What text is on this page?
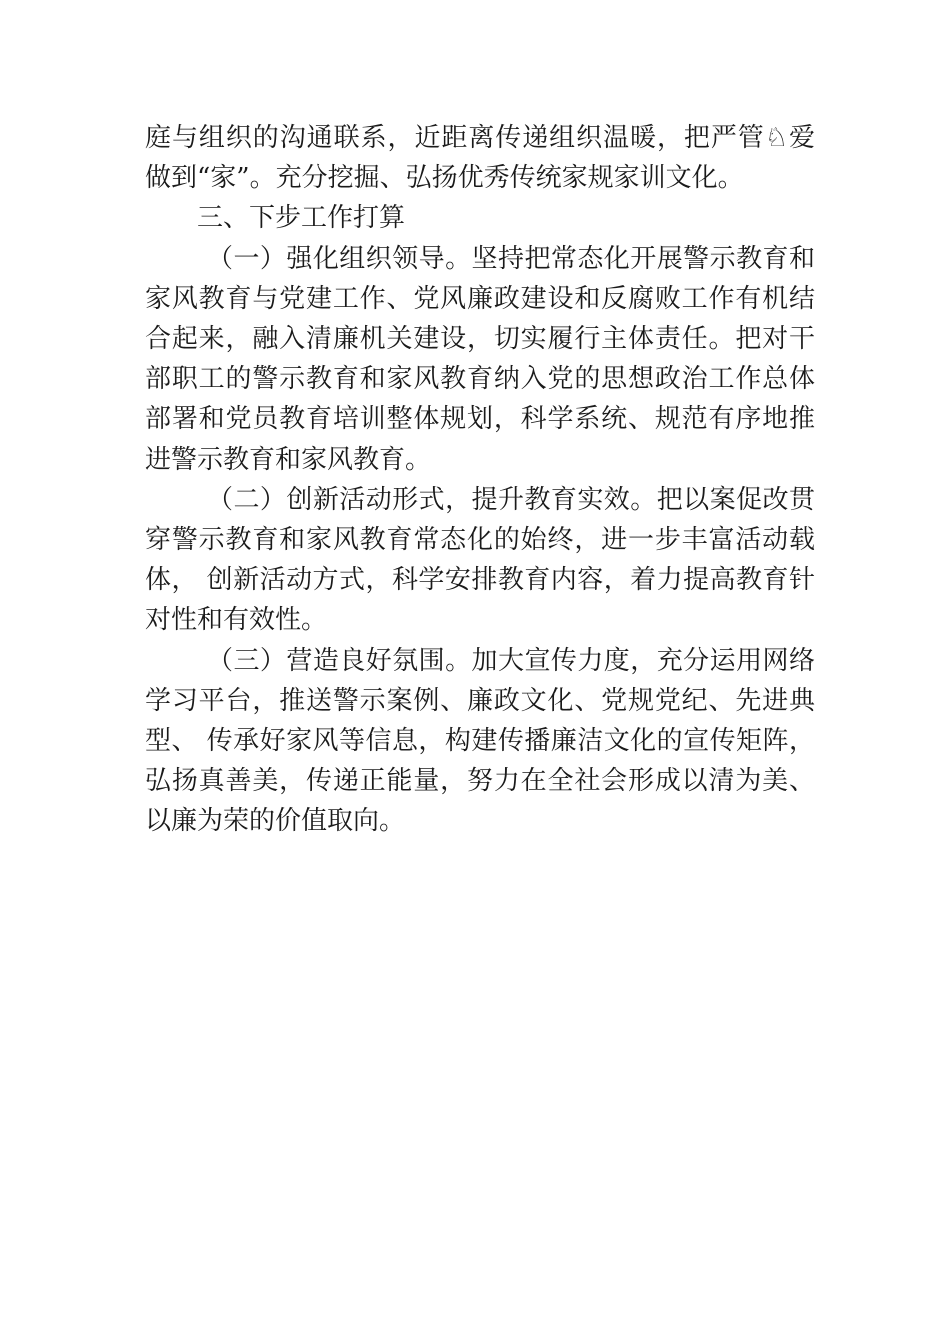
庭与组织的沟通联系，近距离传递组织温暖，把严管♘爱做到“家”。充分挖掘、弘扬优秀传统家规家训文化。

三、下步工作打算

（一）强化组织领导。坚持把常态化开展警示教育和家风教育与党建工作、党风廉政建设和反腐败工作有机结合起来，融入清廉机关建设，切实履行主体责任。把对干部职工的警示教育和家风教育纳入党的思想政治工作总体部署和党员教育培训整体规划，科学系统、规范有序地推进警示教育和家风教育。

（二）创新活动形式，提升教育实效。把以案促改贯穿警示教育和家风教育常态化的始终，进一步丰富活动载体， 创新活动方式，科学安排教育内容，着力提高教育针对性和有效性。

（三）营造良好氛围。加大宣传力度，充分运用网络学习平台，推送警示案例、廉政文化、党规党纪、先进典型、 传承好家风等信息，构建传播廉洁文化的宣传矩阵，弘扬真善美，传递正能量，努力在全社会形成以清为美、以廉为荣的价值取向。
